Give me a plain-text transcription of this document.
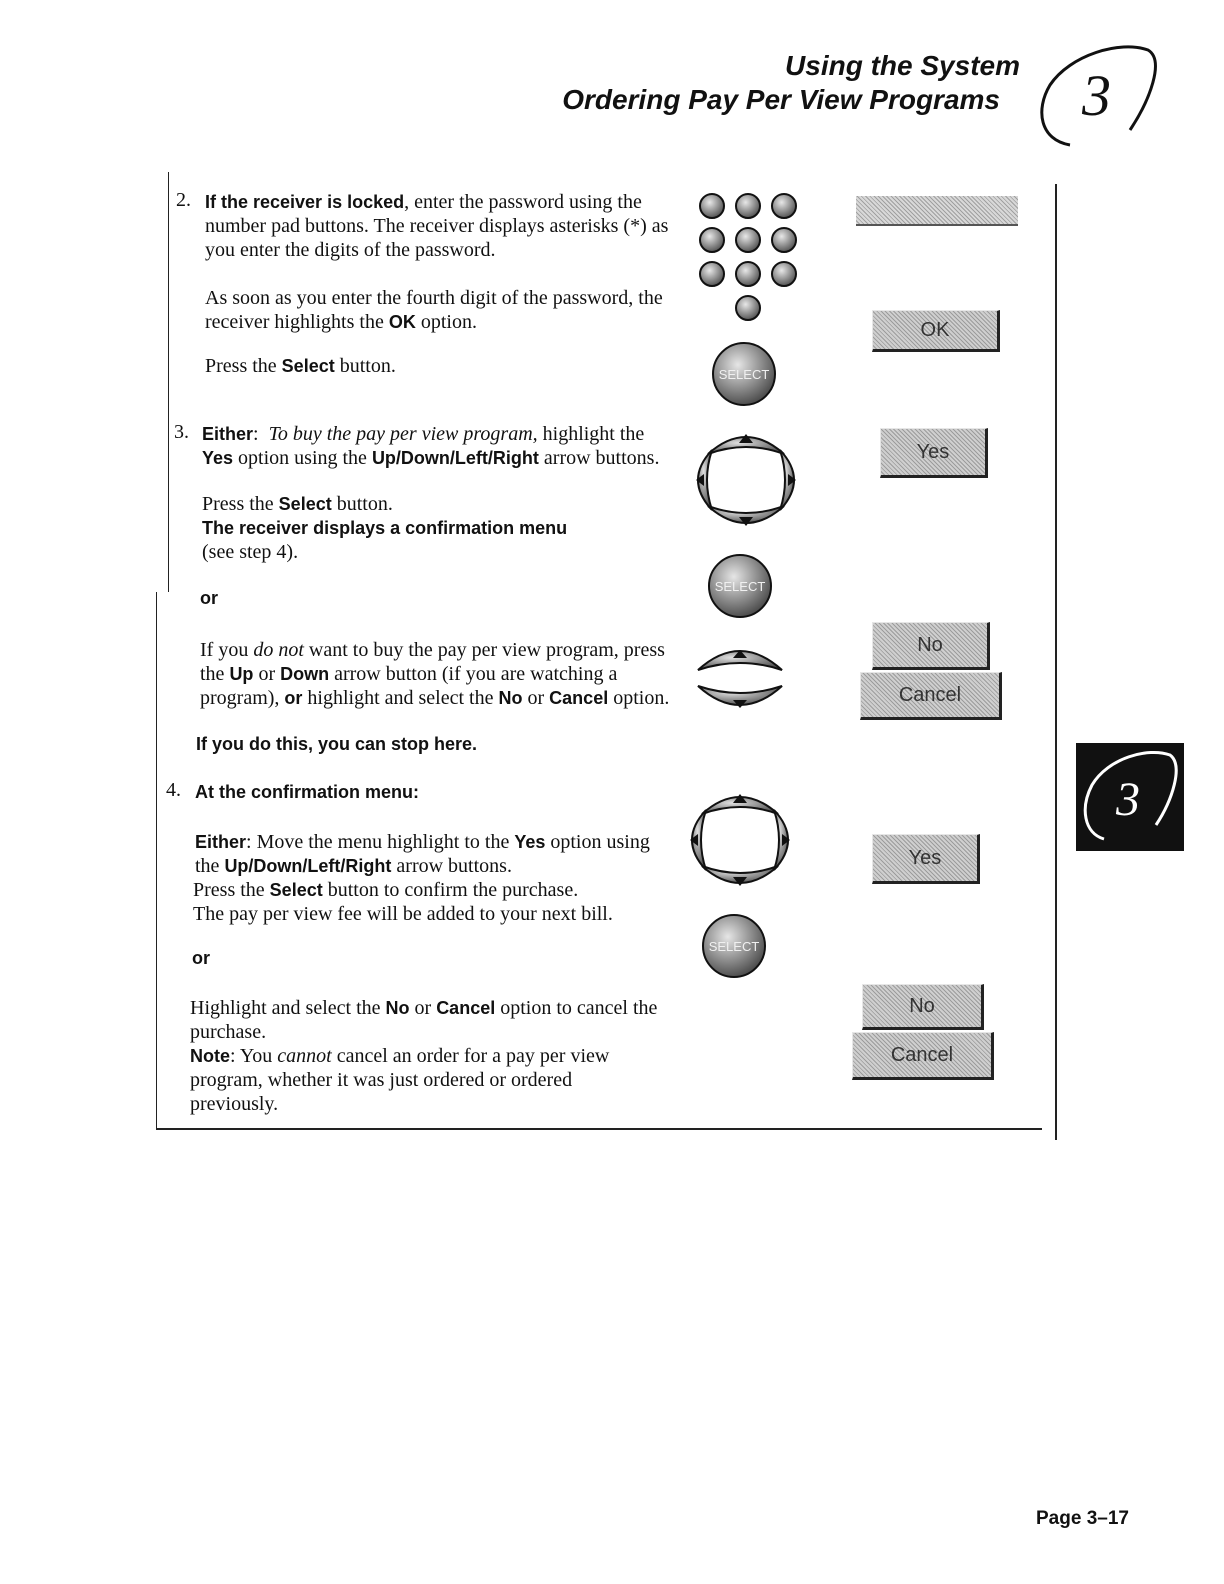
Using the System
Ordering Pay Per View Programs 3
3
2. If the receiver is locked, enter the password using the number pad buttons. The receiver displays asterisks (*) as you enter the digits of the password.
As soon as you enter the fourth digit of the password, the receiver highlights the OK option.
Press the Select button.
OK
SELECT
3. Either: To buy the pay per view program, highlight the Yes option using the Up/Down/Left/Right arrow buttons.
Press the Select button.
The receiver displays a confirmation menu
(see step 4).
or
If you do not want to buy the pay per view program, press the Up or Down arrow button (if you are watching a program), or highlight and select the No or Cancel option.
If you do this, you can stop here.
Yes
SELECT
No
Cancel
4. At the confirmation menu:
Either: Move the menu highlight to the Yes option using the Up/Down/Left/Right arrow buttons.
Press the Select button to confirm the purchase.
The pay per view fee will be added to your next bill.
or
Highlight and select the No or Cancel option to cancel the purchase.
Note: You cannot cancel an order for a pay per view program, whether it was just ordered or ordered previously.
Yes
SELECT
No
Cancel
Page 3–17
